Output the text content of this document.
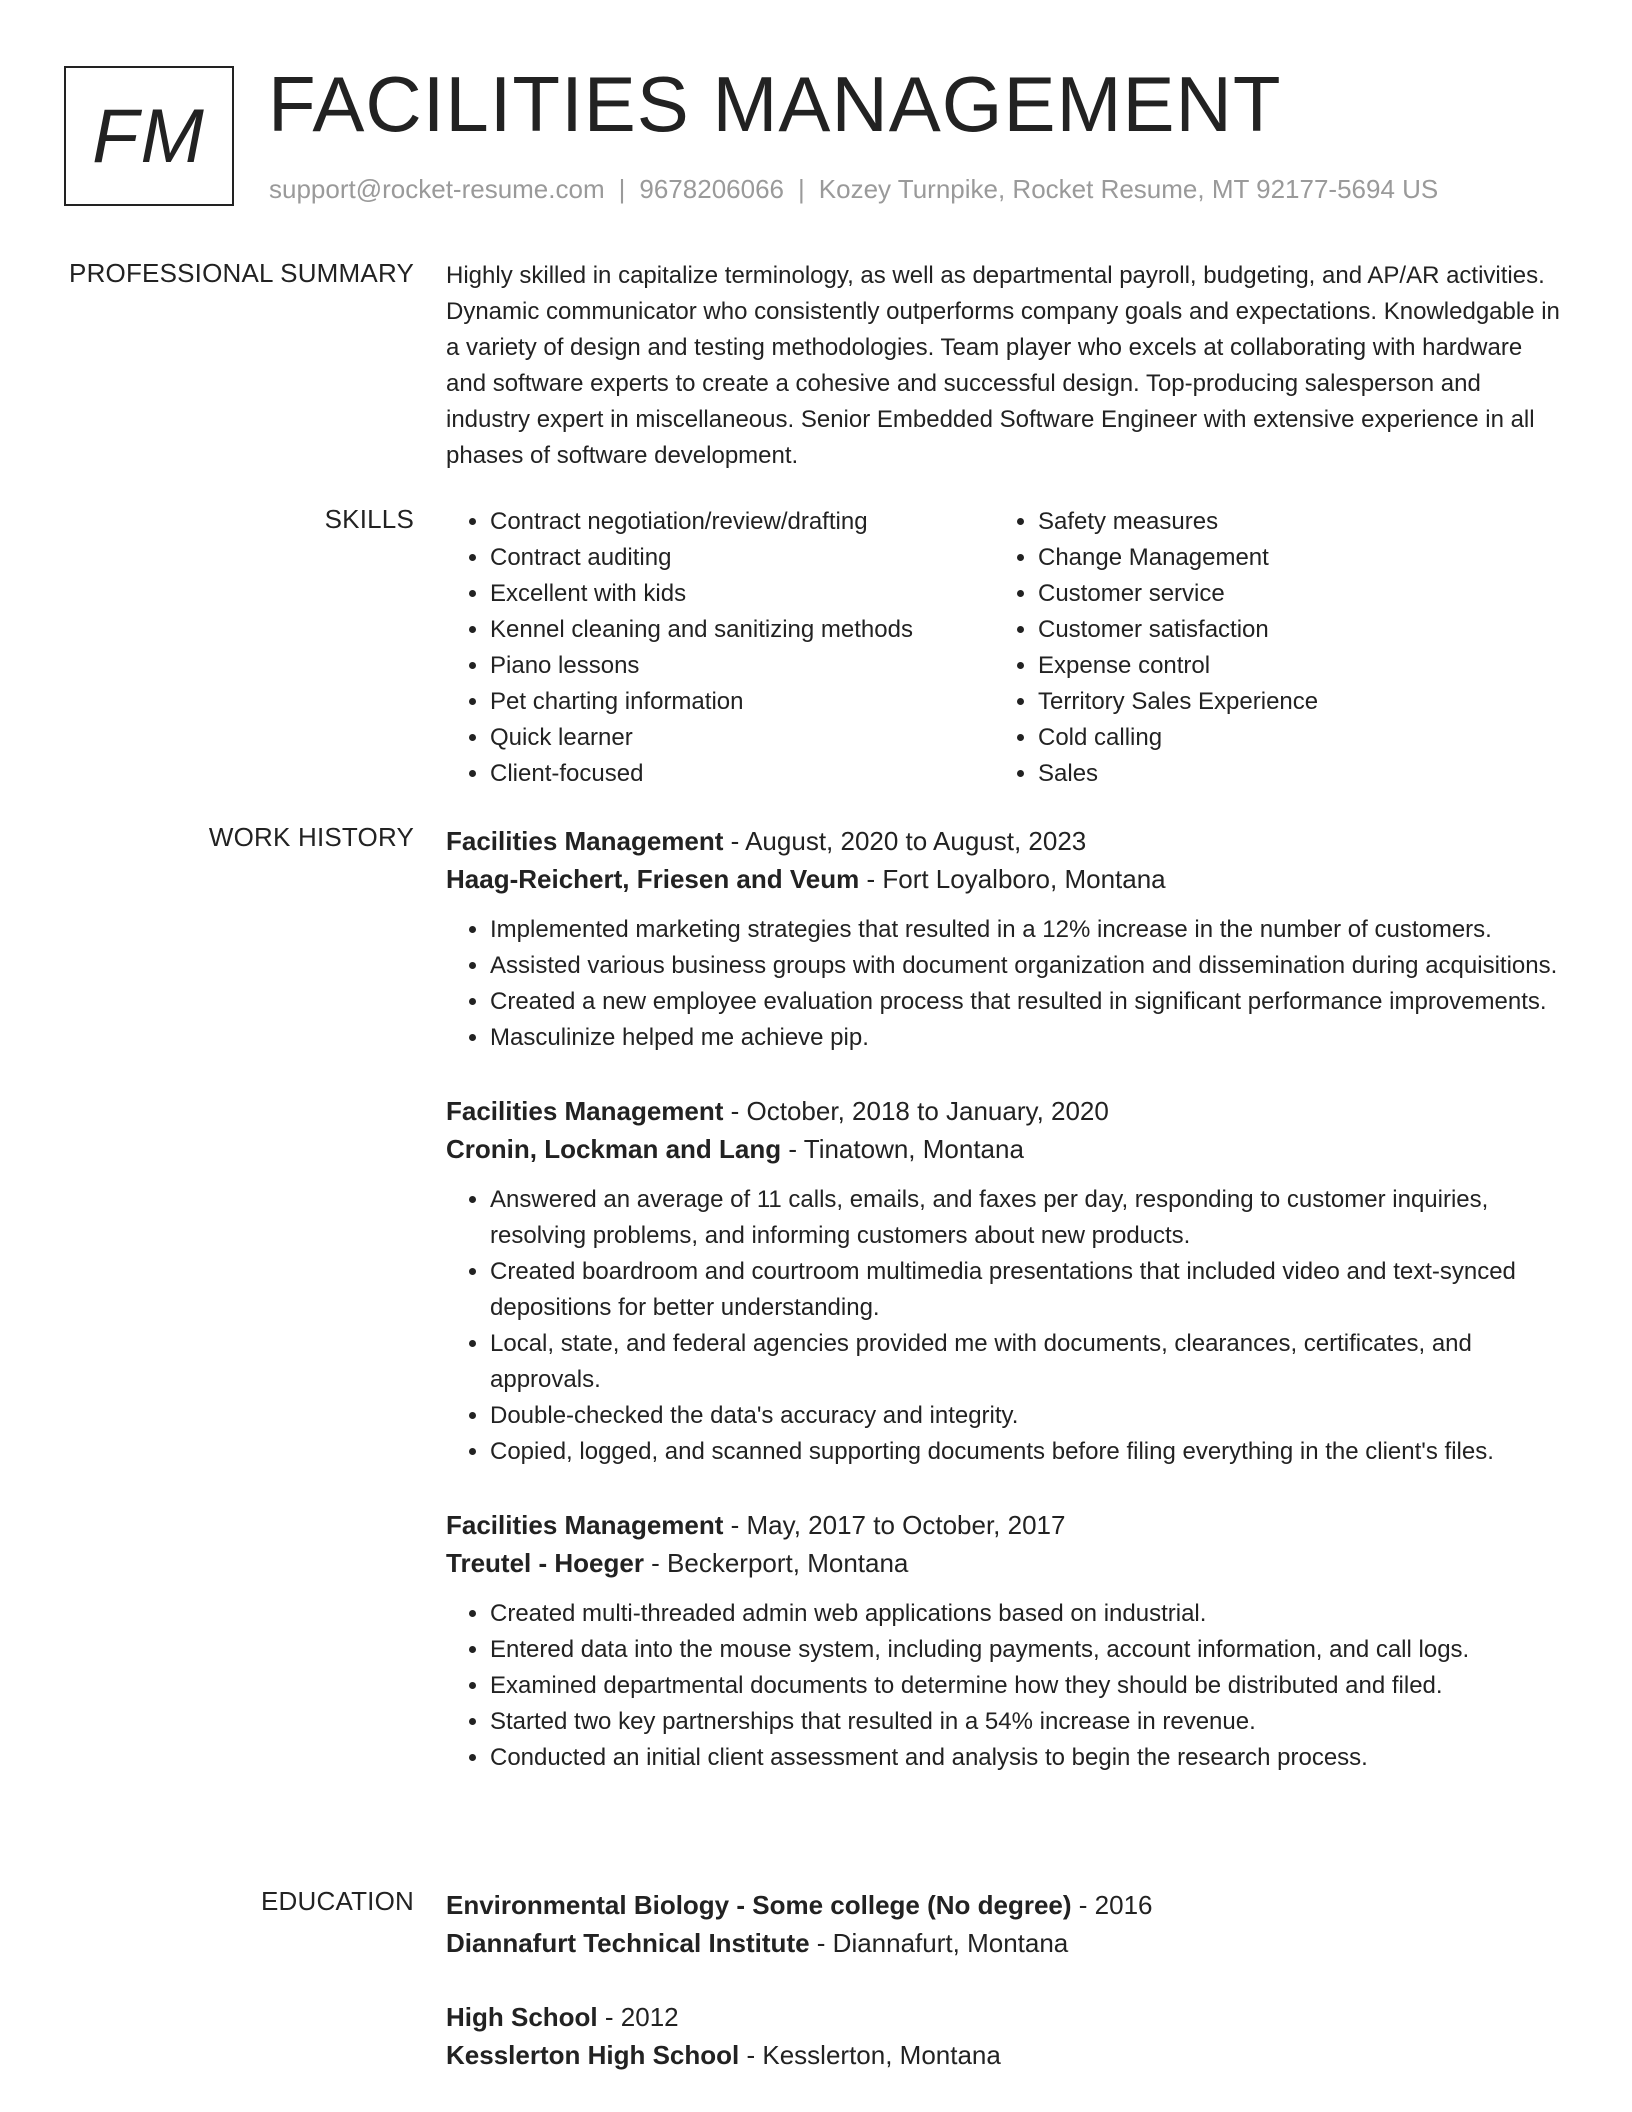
FM FACILITIES MANAGEMENT
support@rocket-resume.com | 9678206066 | Kozey Turnpike, Rocket Resume, MT 92177-5694 US
PROFESSIONAL SUMMARY Highly skilled in capitalize terminology, as well as departmental payroll, budgeting, and AP/AR activities. Dynamic communicator who consistently outperforms company goals and expectations. Knowledgable in a variety of design and testing methodologies. Team player who excels at collaborating with hardware and software experts to create a cohesive and successful design. Top-producing salesperson and industry expert in miscellaneous. Senior Embedded Software Engineer with extensive experience in all phases of software development.

SKILLS
•	Contract negotiation/review/drafting
• Contract auditing
• Excellent with kids
• Kennel cleaning and sanitizing methods
• Piano lessons
• Pet charting information
• Quick learner
• Client-focused
• Safety measures
• Change Management
• Customer service
• Customer satisfaction
• Expense control
• Territory Sales Experience
• Cold calling
• Sales
WORK HISTORY Facilities Management - August, 2020 to August, 2023
Haag-Reichert, Friesen and Veum - Fort Loyalboro, Montana
• Implemented marketing strategies that resulted in a 12% increase in the number of customers.
• Assisted various business groups with document organization and dissemination during acquisitions.
• Created a new employee evaluation process that resulted in significant performance improvements.
• Masculinize helped me achieve pip.
Facilities Management - October, 2018 to January, 2020
Cronin, Lockman and Lang - Tinatown, Montana
• Answered an average of 11 calls, emails, and faxes per day, responding to customer inquiries, resolving problems, and informing customers about new products.
• Created boardroom and courtroom multimedia presentations that included video and text-synced depositions for better understanding.
• Local, state, and federal agencies provided me with documents, clearances, certificates, and approvals.
• Double-checked the data's accuracy and integrity.
• Copied, logged, and scanned supporting documents before filing everything in the client's files.
Facilities Management - May, 2017 to October, 2017
Treutel - Hoeger - Beckerport, Montana
• Created multi-threaded admin web applications based on industrial.
• Entered data into the mouse system, including payments, account information, and call logs.
• Examined departmental documents to determine how they should be distributed and filed.
• Started two key partnerships that resulted in a 54% increase in revenue.
• Conducted an initial client assessment and analysis to begin the research process.
EDUCATION Environmental Biology - Some college (No degree) - 2016
Diannafurt Technical Institute - Diannafurt, Montana
High School - 2012
Kesslerton High School - Kesslerton, Montana
